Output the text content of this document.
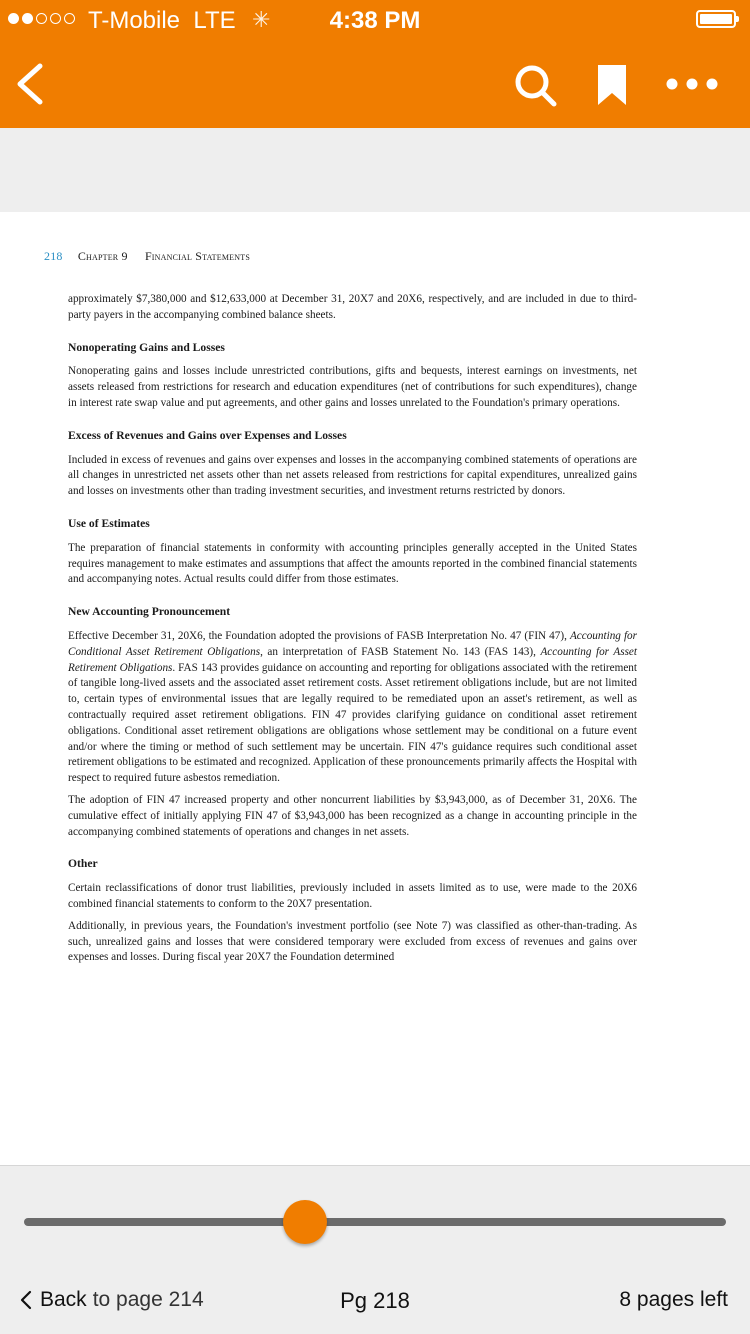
T-Mobile LTE ✳	4:38 PM
218 Chapter 9 Financial Statements

approximately $7,380,000 and $12,633,000 at December 31, 20X7 and 20X6, respectively, and are included in due to third-party payers in the accompanying combined balance sheets.

Nonoperating Gains and Losses

Nonoperating gains and losses include unrestricted contributions, gifts and bequests, interest earnings on investments, net assets released from restrictions for research and education expenditures (net of contributions for such expenditures), change in interest rate swap value and put agreements, and other gains and losses unrelated to the Foundation's primary operations.

Excess of Revenues and Gains over Expenses and Losses

Included in excess of revenues and gains over expenses and losses in the accompanying combined statements of operations are all changes in unrestricted net assets other than net assets released from restrictions for capital expenditures, unrealized gains and losses on investments other than trading investment securities, and investment returns restricted by donors.

Use of Estimates

The preparation of financial statements in conformity with accounting principles generally accepted in the United States requires management to make estimates and assumptions that affect the amounts reported in the combined financial statements and accompanying notes. Actual results could differ from those estimates.

New Accounting Pronouncement

Effective December 31, 20X6, the Foundation adopted the provisions of FASB Interpretation No. 47 (FIN 47), Accounting for Conditional Asset Retirement Obligations, an interpretation of FASB Statement No. 143 (FAS 143), Accounting for Asset Retirement Obligations. FAS 143 provides guidance on accounting and reporting for obligations associated with the retirement of tangible long-lived assets and the associated asset retirement costs. Asset retirement obligations include, but are not limited to, certain types of environmental issues that are legally required to be remediated upon an asset's retirement, as well as contractually required asset retirement obligations. FIN 47 provides clarifying guidance on conditional asset retirement obligations. Conditional asset retirement obligations are obligations whose settlement may be conditional on a future event and/or where the timing or method of such settlement may be uncertain. FIN 47's guidance requires such conditional asset retirement obligations to be estimated and recognized. Application of these pronouncements primarily affects the Hospital with respect to required future asbestos remediation.

The adoption of FIN 47 increased property and other noncurrent liabilities by $3,943,000, as of December 31, 20X6. The cumulative effect of initially applying FIN 47 of $3,943,000 has been recognized as a change in accounting principle in the accompanying combined statements of operations and changes in net assets.

Other

Certain reclassifications of donor trust liabilities, previously included in assets limited as to use, were made to the 20X6 combined financial statements to conform to the 20X7 presentation.

Additionally, in previous years, the Foundation's investment portfolio (see Note 7) was classified as other-than-trading. As such, unrealized gains and losses that were considered temporary were excluded from excess of revenues and gains over expenses and losses. During fiscal year 20X7 the Foundation determined

Back to page 214	Pg 218	8 pages left
